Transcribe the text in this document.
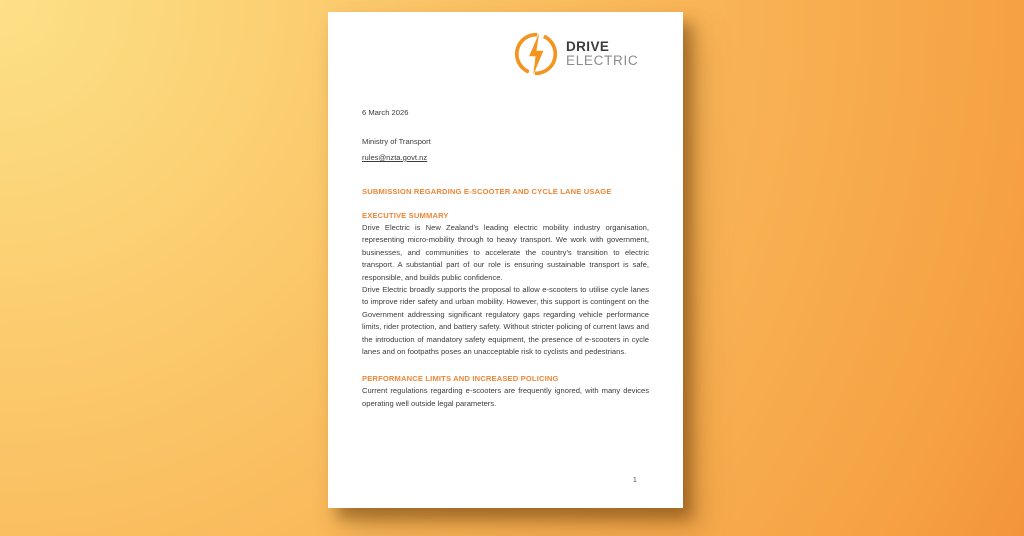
DRIVE
ELECTRIC

6 March 2026

Ministry of Transport

rules@nzta.govt.nz

SUBMISSION REGARDING E-SCOOTER AND CYCLE LANE USAGE
EXECUTIVE SUMMARY

Drive Electric is New Zealand's leading electric mobility industry organisation, representing micro-mobility through to heavy transport. We work with government, businesses, and communities to accelerate the country's transition to electric transport. A substantial part of our role is ensuring sustainable transport is safe, responsible, and builds public confidence.

Drive Electric broadly supports the proposal to allow e-scooters to utilise cycle lanes to improve rider safety and urban mobility. However, this support is contingent on the Government addressing significant regulatory gaps regarding vehicle performance limits, rider protection, and battery safety. Without stricter policing of current laws and the introduction of mandatory safety equipment, the presence of e-scooters in cycle lanes and on footpaths poses an unacceptable risk to cyclists and pedestrians.

PERFORMANCE LIMITS AND INCREASED POLICING

Current regulations regarding e-scooters are frequently ignored, with many devices operating well outside legal parameters.

1
